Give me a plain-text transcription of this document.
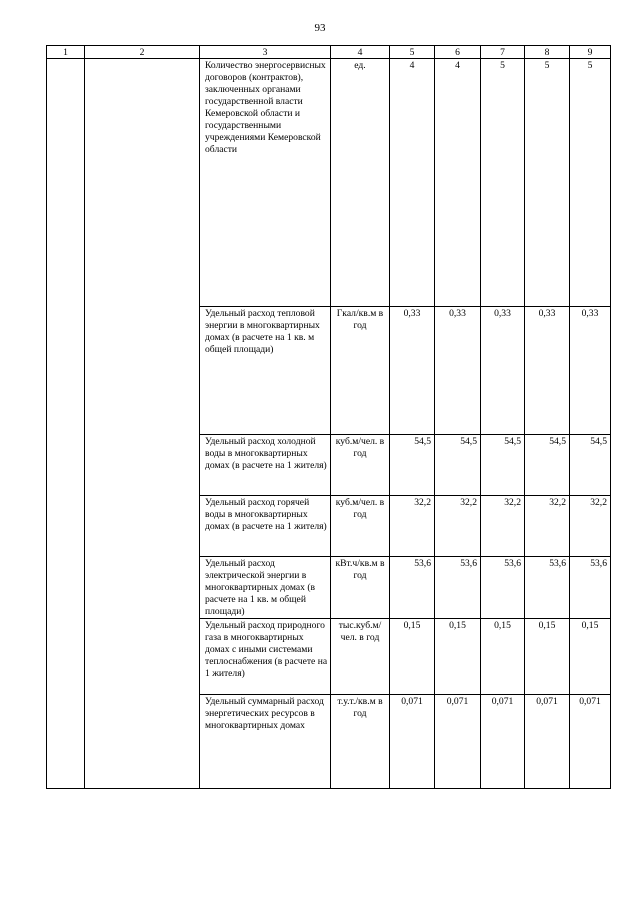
93
1	2	3	4	5	6	7	8	9
		Количество энергосервисных договоров (контрактов), заключенных органами государственной власти Кемеровской области и государственными учреждениями Кемеровской области	ед.	4	4	5	5	5
		Удельный расход тепловой энергии в многоквартирных домах (в расчете на 1 кв. м общей площади)	Гкал/кв.м в год	0,33	0,33	0,33	0,33	0,33
		Удельный расход холодной воды в многоквартирных домах (в расчете на 1 жителя)	куб.м/чел. в год	54,5	54,5	54,5	54,5	54,5
		Удельный расход горячей воды в многоквартирных домах (в расчете на 1 жителя)	куб.м/чел. в год	32,2	32,2	32,2	32,2	32,2
		Удельный расход электрической энергии в многоквартирных домах (в расчете на 1 кв. м общей площади)	кВт.ч/кв.м в год	53,6	53,6	53,6	53,6	53,6
		Удельный расход природного газа в многоквартирных домах с иными системами теплоснабжения (в расчете на 1 жителя)	тыс.куб.м/ чел. в год	0,15	0,15	0,15	0,15	0,15
		Удельный суммарный расход энергетических ресурсов в многоквартирных домах	т.у.т./кв.м в год	0,071	0,071	0,071	0,071	0,071
